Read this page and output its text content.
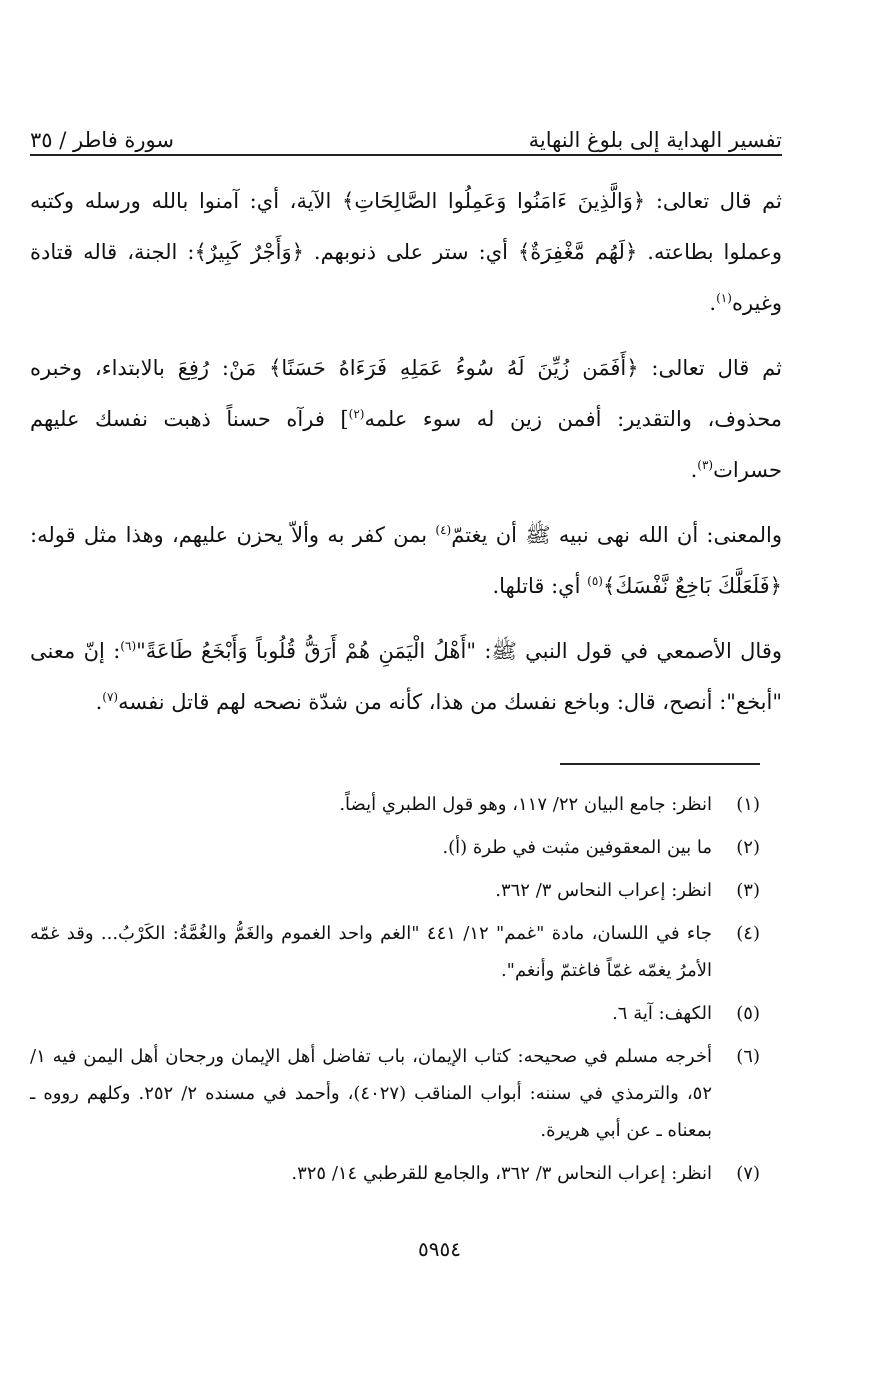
تفسير الهداية إلى بلوغ النهاية
سورة فاطر / ٣٥

ثم قال تعالى: ﴿وَالَّذِينَ ءَامَنُوا وَعَمِلُوا الصَّالِحَاتِ﴾ الآية، أي: آمنوا بالله ورسله وكتبه وعملوا بطاعته. ﴿لَهُم مَّغْفِرَةٌ﴾ أي: ستر على ذنوبهم. ﴿وَأَجْرٌ كَبِيرٌ﴾: الجنة، قاله قتادة وغيره$^{(١)}$.

ثم قال تعالى: ﴿أَفَمَن زُيِّنَ لَهُ سُوءُ عَمَلِهِ فَرَءَاهُ حَسَنًا﴾ مَنْ: رُفِعَ بالابتداء، وخبره محذوف، والتقدير: أفمن زين له سوء علمه$^{(٢)}$] فرآه حسناً ذهبت نفسك عليهم حسرات$^{(٣)}$.

والمعنى: أن الله نهى نبيه ﷺ أن يغتمّ$^{(٤)}$ بمن كفر به وألاّ يحزن عليهم، وهذا مثل قوله: ﴿فَلَعَلَّكَ بَاخِعٌ نَّفْسَكَ﴾$^{(٥)}$ أي: قاتلها.

وقال الأصمعي في قول النبي ﷺ: "أَهْلُ الْيَمَنِ هُمْ أَرَقُّ قُلُوباً وَأَبْخَعُ طَاعَةً"$^{(٦)}$: إنّ معنى "أبخع": أنصح، قال: وباخع نفسك من هذا، كأنه من شدّة نصحه لهم قاتل نفسه$^{(٧)}$.

(١)
انظر: جامع البيان ٢٢/ ١١٧، وهو قول الطبري أيضاً.
(٢)
ما بين المعقوفين مثبت في طرة (أ).
(٣)
انظر: إعراب النحاس ٣/ ٣٦٢.
(٤)
جاء في اللسان، مادة "غمم" ١٢/ ٤٤١ "الغم واحد الغموم والغَمُّ والغُمَّةُ: الكَرْبُ... وقد غمّه الأمرُ يغمّه غمّاً فاغتمّ وأنغم".
(٥)
الكهف: آية ٦.
(٦)
أخرجه مسلم في صحيحه: كتاب الإيمان، باب تفاضل أهل الإيمان ورجحان أهل اليمن فيه ١/ ٥٢، والترمذي في سننه: أبواب المناقب (٤٠٢٧)، وأحمد في مسنده ٢/ ٢٥٢. وكلهم رووه ـ بمعناه ـ عن أبي هريرة.
(٧)
انظر: إعراب النحاس ٣/ ٣٦٢، والجامع للقرطبي ١٤/ ٣٢٥.
٥٩٥٤
